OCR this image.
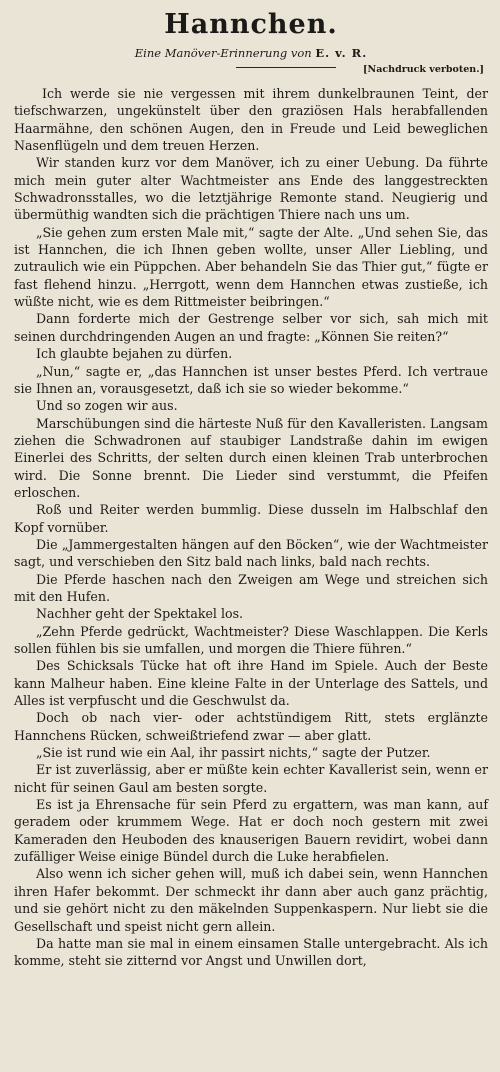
Hannchen.
Eine Manöver-Erinnerung von E. v. R.
[Nachdruck verboten.]

Ich werde sie nie vergessen mit ihrem dunkelbraunen Teint, der tiefschwarzen, ungekünstelt über den graziösen Hals herabfallenden Haarmähne, den schönen Augen, den in Freude und Leid beweglichen Nasenflügeln und dem treuen Herzen.

Wir standen kurz vor dem Manöver, ich zu einer Uebung. Da führte mich mein guter alter Wachtmeister ans Ende des langgestreckten Schwadronsstalles, wo die letztjährige Remonte stand. Neugierig und übermüthig wandten sich die prächtigen Thiere nach uns um.

„Sie gehen zum ersten Male mit,“ sagte der Alte. „Und sehen Sie, das ist Hannchen, die ich Ihnen geben wollte, unser Aller Liebling, und zutraulich wie ein Püppchen. Aber behandeln Sie das Thier gut,“ fügte er fast flehend hinzu. „Herrgott, wenn dem Hannchen etwas zustieße, ich wüßte nicht, wie es dem Rittmeister beibringen.“

Dann forderte mich der Gestrenge selber vor sich, sah mich mit seinen durchdringenden Augen an und fragte: „Können Sie reiten?“

Ich glaubte bejahen zu dürfen.

„Nun,“ sagte er, „das Hannchen ist unser bestes Pferd. Ich vertraue sie Ihnen an, vorausgesetzt, daß ich sie so wieder bekomme.“

Und so zogen wir aus.

Marschübungen sind die härteste Nuß für den Kavalleristen. Langsam ziehen die Schwadronen auf staubiger Landstraße dahin im ewigen Einerlei des Schritts, der selten durch einen kleinen Trab unterbrochen wird. Die Sonne brennt. Die Lieder sind verstummt, die Pfeifen erloschen.

Roß und Reiter werden bummlig. Diese dusseln im Halbschlaf den Kopf vornüber.

Die „Jammergestalten hängen auf den Böcken“, wie der Wachtmeister sagt, und verschieben den Sitz bald nach links, bald nach rechts.

Die Pferde haschen nach den Zweigen am Wege und streichen sich mit den Hufen.

Nachher geht der Spektakel los.

„Zehn Pferde gedrückt, Wachtmeister? Diese Waschlappen. Die Kerls sollen fühlen bis sie umfallen, und morgen die Thiere führen.“

Des Schicksals Tücke hat oft ihre Hand im Spiele. Auch der Beste kann Malheur haben. Eine kleine Falte in der Unterlage des Sattels, und Alles ist verpfuscht und die Geschwulst da.

Doch ob nach vier- oder achtstündigem Ritt, stets erglänzte Hannchens Rücken, schweißtriefend zwar — aber glatt.

„Sie ist rund wie ein Aal, ihr passirt nichts,“ sagte der Putzer.

Er ist zuverlässig, aber er müßte kein echter Kavallerist sein, wenn er nicht für seinen Gaul am besten sorgte.

Es ist ja Ehrensache für sein Pferd zu ergattern, was man kann, auf geradem oder krummem Wege. Hat er doch noch gestern mit zwei Kameraden den Heuboden des knauserigen Bauern revidirt, wobei dann zufälliger Weise einige Bündel durch die Luke herabfielen.

Also wenn ich sicher gehen will, muß ich dabei sein, wenn Hannchen ihren Hafer bekommt. Der schmeckt ihr dann aber auch ganz prächtig, und sie gehört nicht zu den mäkelnden Suppenkaspern. Nur liebt sie die Gesellschaft und speist nicht gern allein.

Da hatte man sie mal in einem einsamen Stalle untergebracht. Als ich komme, steht sie zitternd vor Angst und Unwillen dort,
